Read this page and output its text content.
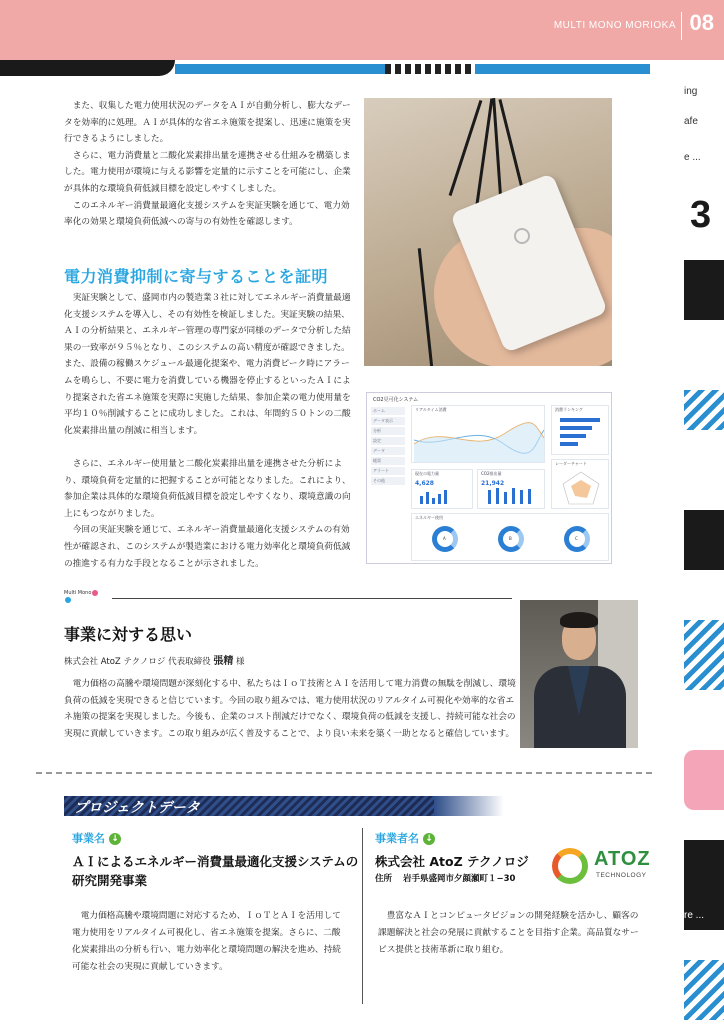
MULTI MONO MORIOKA 08
ing
afe
e ...
3
re ...

また、収集した電力使用状況のデータをＡＩが自動分析し、膨大なデータを効率的に処理。ＡＩが具体的な省エネ施策を提案し、迅速に施策を実行できるようにしました。

さらに、電力消費量と二酸化炭素排出量を連携させる仕組みを構築しました。電力使用が環境に与える影響を定量的に示すことを可能にし、企業が具体的な環境負荷低減目標を設定しやすくしました。

このエネルギー消費量最適化支援システムを実証実験を通じて、電力効率化の効果と環境負荷低減への寄与の有効性を確認します。

電力消費抑制に寄与することを証明

実証実験として、盛岡市内の製造業３社に対してエネルギー消費量最適化支援システムを導入し、その有効性を検証しました。実証実験の結果、ＡＩの分析結果と、エネルギー管理の専門家が同様のデータで分析した結果の一致率が９５％となり、このシステムの高い精度が確認できました。また、設備の稼働スケジュール最適化提案や、電力消費ピーク時にアラームを鳴らし、不要に電力を消費している機器を停止するといったＡＩにより提案された省エネ施策を実際に実施した結果、参加企業の電力使用量を平均１０％削減することに成功しました。これは、年間約５０トンの二酸化炭素排出量の削減に相当します。

さらに、エネルギー使用量と二酸化炭素排出量を連携させた分析により、環境負荷を定量的に把握することが可能となりました。これにより、参加企業は具体的な環境負荷低減目標を設定しやすくなり、環境意識の向上にもつながりました。

今回の実証実験を通じて、エネルギー消費量最適化支援システムの有効性が確認され、このシステムが製造業における電力効率化と環境負荷低減の推進する有力な手段となることが示されました。

CO2見可化システム
ホーム
データ表示
分析
設定
データ
帳票
アラート
その他
リアルタイム消費	消費ランキング
現在の電力量
4,628
CO2排出量
21,942
レーダーチャート
エネルギー使用
A	B	C
Multi Mono
事業に対する思い
株式会社 AtoZ テクノロジ 代表取締役 張精 様

電力価格の高騰や環境問題が深刻化する中、私たちはＩｏＴ技術とＡＩを活用して電力消費の無駄を削減し、環境負荷の低減を実現できると信じています。今回の取り組みでは、電力使用状況のリアルタイム可視化や効率的な省エネ施策の提案を実現しました。今後も、企業のコスト削減だけでなく、環境負荷の低減を支援し、持続可能な社会の実現に貢献していきます。この取り組みが広く普及することで、より良い未来を築く一助となると確信しています。

プロジェクトデータ
事業名 ↓
ＡＩによるエネルギー消費量最適化支援システムの研究開発事業

電力価格高騰や環境問題に対応するため、ＩｏＴとＡＩを活用して電力使用をリアルタイム可視化し、省エネ施策を提案。さらに、二酸化炭素排出の分析も行い、電力効率化と環境問題の解決を進め、持続可能な社会の実現に貢献していきます。

事業者名 ↓
株式会社 AtoZ テクノロジ
住所 岩手県盛岡市夕顔瀬町１−30
ATOZ
TECHNOLOGY

豊富なＡＩとコンピュータビジョンの開発経験を活かし、顧客の課題解決と社会の発展に貢献することを目指す企業。高品質なサービス提供と技術革新に取り組む。
